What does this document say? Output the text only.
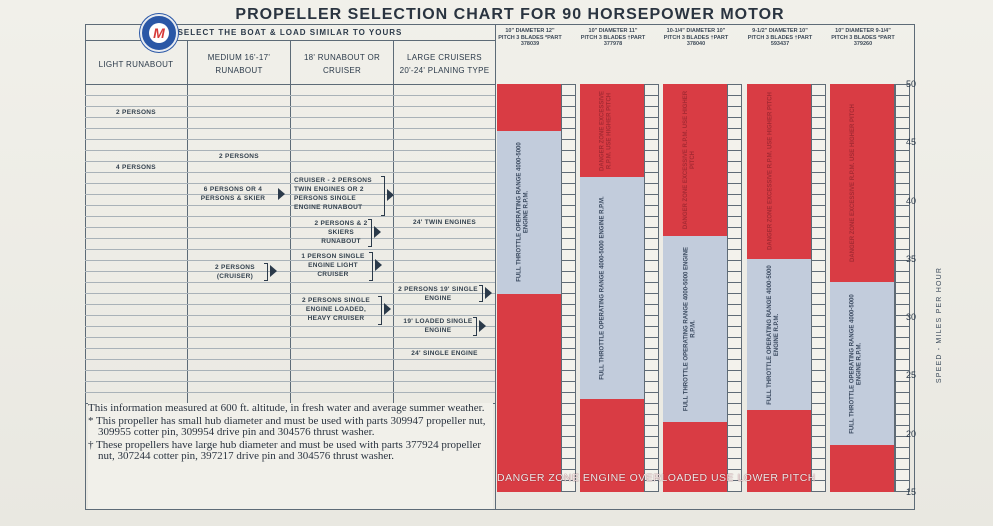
PROPELLER SELECTION CHART FOR 90 HORSEPOWER MOTOR
M	SELECT THE BOAT & LOAD SIMILAR TO YOURS
LIGHT RUNABOUT
MEDIUM 16'-17' RUNABOUT
18' RUNABOUT OR CRUISER
LARGE CRUISERS 20'-24' PLANING TYPE
2 PERSONS
4 PERSONS
2 PERSONS
6 PERSONS OR 4 PERSONS & SKIER
2 PERSONS (CRUISER)
CRUISER - 2 PERSONS TWIN ENGINES OR 2 PERSONS SINGLE ENGINE RUNABOUT
2 PERSONS & 2 SKIERS RUNABOUT
1 PERSON SINGLE ENGINE LIGHT CRUISER
2 PERSONS SINGLE ENGINE LOADED, HEAVY CRUISER
24' TWIN ENGINES
2 PERSONS 19' SINGLE ENGINE
19' LOADED SINGLE ENGINE
24' SINGLE ENGINE

This information measured at 600 ft. altitude, in fresh water and average summer weather.

* This propeller has small hub diameter and must be used with parts 309947 propeller nut, 309955 cotter pin, 309954 drive pin and 304576 thrust washer.

† These propellers have large hub diameter and must be used with parts 377924 propeller nut, 307244 cotter pin, 397217 drive pin and 304576 thrust washer.

10" DIAMETER 12" PITCH 3 BLADES *PART 378039
FULL THROTTLE OPERATING RANGE 4000-5000 ENGINE R.P.M.
10" DIAMETER 11" PITCH 3 BLADES †PART 377978
FULL THROTTLE OPERATING RANGE 4000-5000 ENGINE R.P.M.
DANGER ZONE EXCESSIVE R.P.M. USE HIGHER PITCH
10-1/4" DIAMETER 10" PITCH 3 BLADES †PART 378040
FULL THROTTLE OPERATING RANGE 4000-5000 ENGINE R.P.M.
DANGER ZONE EXCESSIVE R.P.M. USE HIGHER PITCH
9-1/2" DIAMETER 10" PITCH 3 BLADES †PART 593437
FULL THROTTLE OPERATING RANGE 4000-5000 ENGINE R.P.M.
DANGER ZONE EXCESSIVE R.P.M. USE HIGHER PITCH
10" DIAMETER 9-1/4" PITCH 3 BLADES *PART 379260
FULL THROTTLE OPERATING RANGE 4000-5000 ENGINE R.P.M.
DANGER ZONE EXCESSIVE R.P.M. USE HIGHER PITCH
50
45
40
35
30
25
20
15
SPEED - MILES PER HOUR
DANGER ZONE ENGINE OVERLOADED USE LOWER PITCH
